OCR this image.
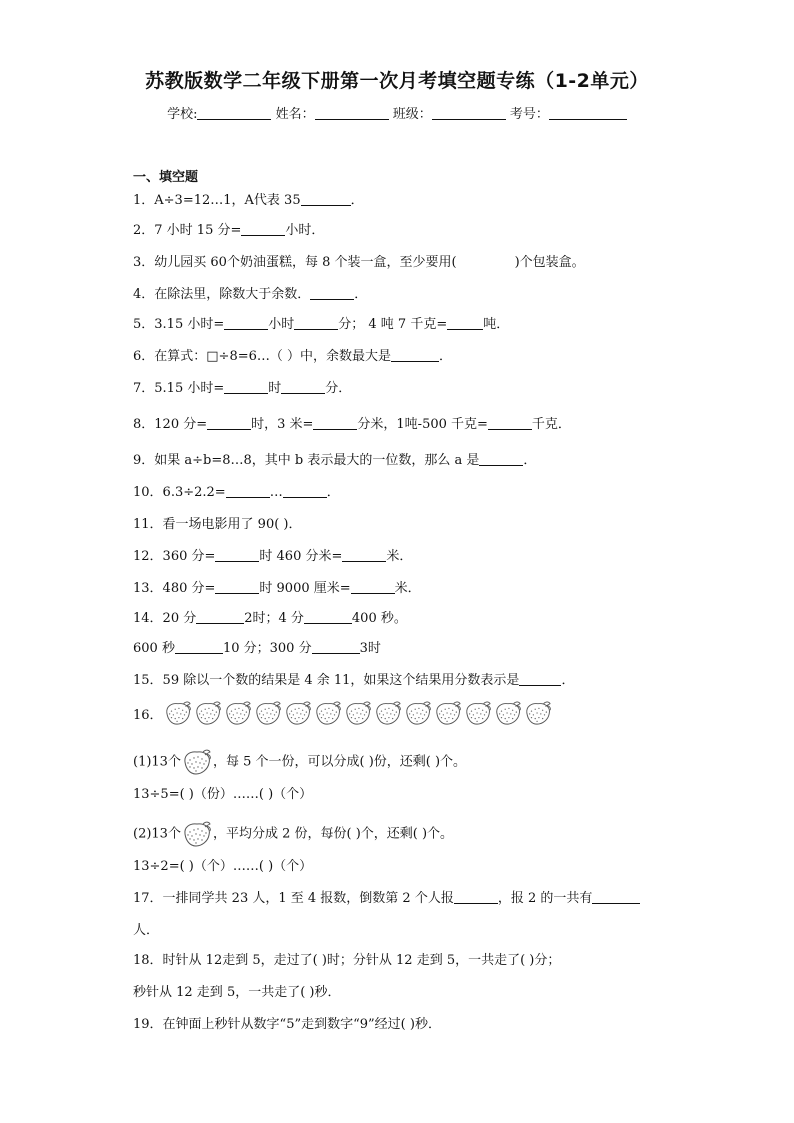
苏教版数学二年级下册第一次月考填空题专练（1-2单元）
学校:	姓名：	班级：	考号：
一、填空题
1．A÷3=12…1，A代表 35	．
2．7 小时 15 分=	小时．
3．幼儿园买 60个奶油蛋糕，每 8 个装一盒，至少要用(	)个包装盒。
4．在除法里，除数大于余数．	．
5．3.15 小时=	小时	分； 4 吨 7 千克=	吨．
6．在算式：□÷8=6…（ ）中，余数最大是	．
7．5.15 小时=	时	分．
8．120 分=	时，3 米=	分米，1吨-500 千克=	千克．
9．如果 a÷b=8…8，其中 b 表示最大的一位数，那么 a 是	．
10．6.3÷2.2=	…	．
11．看一场电影用了 90( )．
12．360 分=	时 460 分米=	米．
13．480 分=	时 9000 厘米=	米．
14．20 分	2时；4 分	400 秒。
600 秒	10 分；300 分	3时
15．59 除以一个数的结果是 4 余 11，如果这个结果用分数表示是	．
16．
(1)13个 ，每 5 个一份，可以分成( )份，还剩( )个。
13÷5=( )（份）……( )（个）
(2)13个 ，平均分成 2 份，每份( )个，还剩( )个。
13÷2=( )（个）……( )（个）
17．一排同学共 23 人，1 至 4 报数，倒数第 2 个人报	，报 2 的一共有
人．
18．时针从 12走到 5，走过了( )时；分针从 12 走到 5，一共走了( )分；
秒针从 12 走到 5，一共走了( )秒．
19．在钟面上秒针从数字“5”走到数字“9”经过( )秒．
